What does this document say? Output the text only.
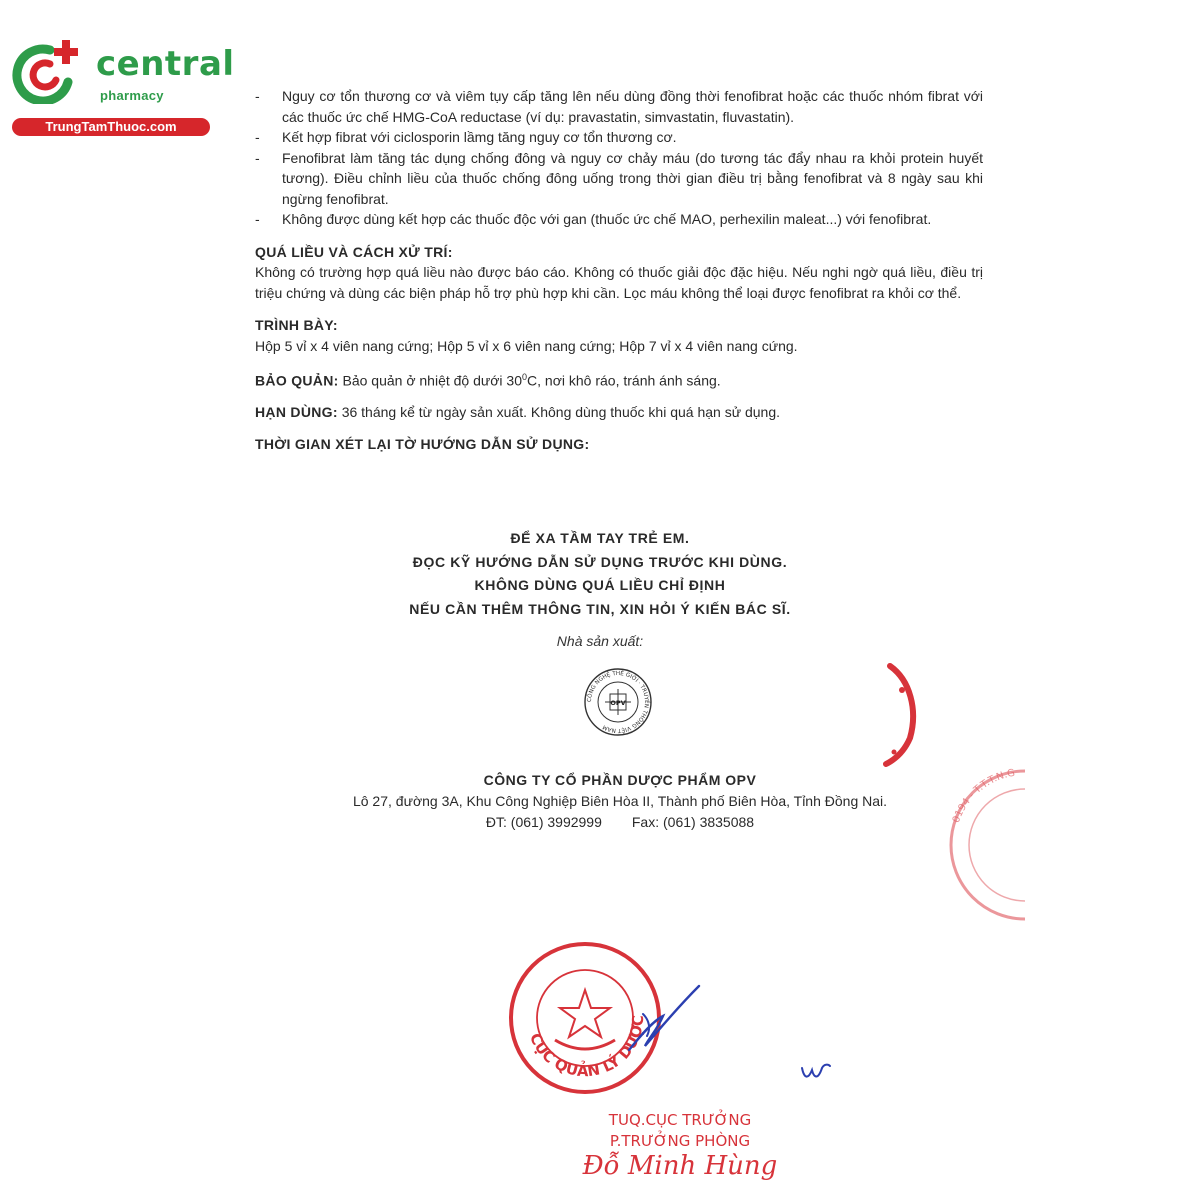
central
pharmacy
TrungTamThuoc.com
- Nguy cơ tổn thương cơ và viêm tụy cấp tăng lên nếu dùng đồng thời fenofibrat hoặc các thuốc nhóm fibrat với các thuốc ức chế HMG-CoA reductase (ví dụ: pravastatin, simvastatin, fluvastatin).
- Kết hợp fibrat với ciclosporin lầmg tăng nguy cơ tổn thương cơ.
- Fenofibrat làm tăng tác dụng chống đông và nguy cơ chảy máu (do tương tác đẩy nhau ra khỏi protein huyết tương). Điều chỉnh liều của thuốc chống đông uống trong thời gian điều trị bằng fenofibrat và 8 ngày sau khi ngừng fenofibrat.
- Không được dùng kết hợp các thuốc độc với gan (thuốc ức chế MAO, perhexilin maleat...) với fenofibrat.
QUÁ LIỀU VÀ CÁCH XỬ TRÍ:
Không có trường hợp quá liều nào được báo cáo. Không có thuốc giải độc đặc hiệu. Nếu nghi ngờ quá liều, điều trị triệu chứng và dùng các biện pháp hỗ trợ phù hợp khi cần. Lọc máu không thể loại được fenofibrat ra khỏi cơ thể.
TRÌNH BÀY:
Hộp 5 vỉ x 4 viên nang cứng; Hộp 5 vỉ x 6 viên nang cứng; Hộp 7 vỉ x 4 viên nang cứng.
BẢO QUẢN: Bảo quản ở nhiệt độ dưới $30^0C$, nơi khô ráo, tránh ánh sáng.
HẠN DÙNG: 36 tháng kể từ ngày sản xuất. Không dùng thuốc khi quá hạn sử dụng.
THỜI GIAN XÉT LẠI TỜ HƯỚNG DẪN SỬ DỤNG:
ĐỂ XA TẦM TAY TRẺ EM.
ĐỌC KỸ HƯỚNG DẪN SỬ DỤNG TRƯỚC KHI DÙNG.
KHÔNG DÙNG QUÁ LIỀU CHỈ ĐỊNH
NẾU CẦN THÊM THÔNG TIN, XIN HỎI Ý KIẾN BÁC SĨ.
Nhà sản xuất:
CÔNG NGHỆ THẾ GIỚI · TRUYỀN THỐNG VIỆT NAM
OPV
CÔNG TY CỔ PHẦN DƯỢC PHẨM OPV
Lô 27, đường 3A, Khu Công Nghiệp Biên Hòa II, Thành phố Biên Hòa, Tỉnh Đồng Nai.
ĐT: (061) 3992999 Fax: (061) 3835088	0194 - T.T.T.N.G
CỤC QUẢN LÝ DƯỢC
TUQ.CỤC TRƯỞNG
P.TRƯỞNG PHÒNG
Đỗ Minh Hùng
